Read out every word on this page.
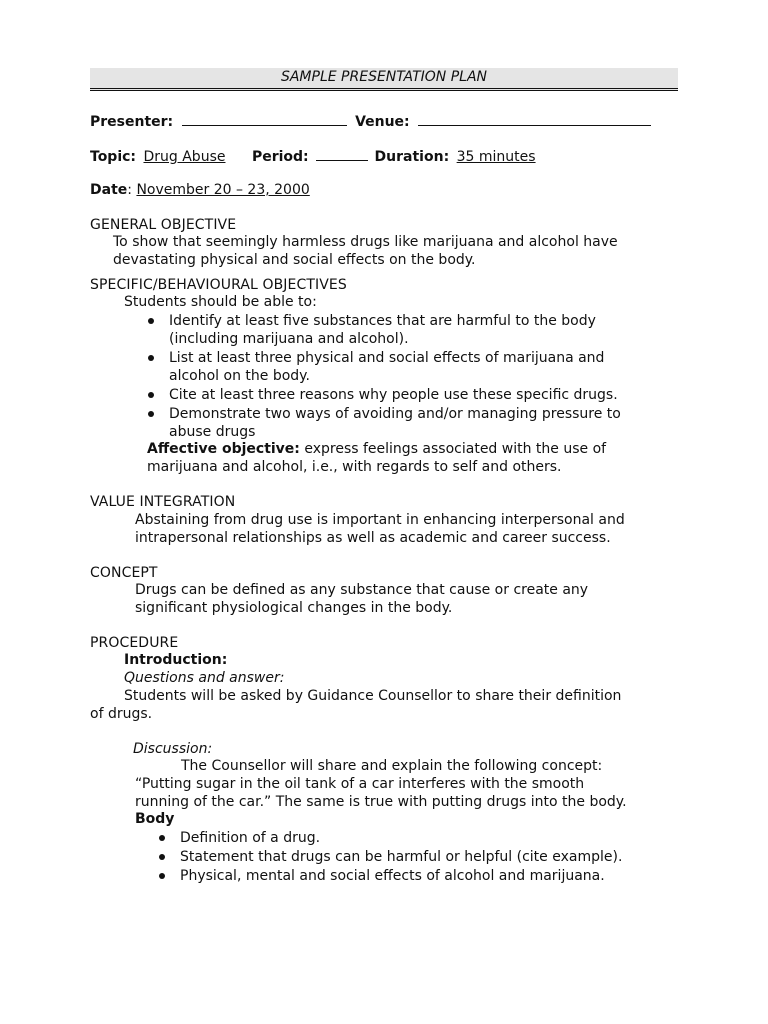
SAMPLE PRESENTATION PLAN
Presenter:	Venue:
Topic: Drug Abuse Period:	Duration: 35 minutes
Date: November 20 – 23, 2000
GENERAL OBJECTIVE
To show that seemingly harmless drugs like marijuana and alcohol have
devastating physical and social effects on the body.
SPECIFIC/BEHAVIOURAL OBJECTIVES
Students should be able to:
Identify at least five substances that are harmful to the body
(including marijuana and alcohol).
List at least three physical and social effects of marijuana and
alcohol on the body.
Cite at least three reasons why people use these specific drugs.
Demonstrate two ways of avoiding and/or managing pressure to
abuse drugs
Affective objective: express feelings associated with the use of
marijuana and alcohol, i.e., with regards to self and others.
VALUE INTEGRATION
Abstaining from drug use is important in enhancing interpersonal and
intrapersonal relationships as well as academic and career success.
CONCEPT
Drugs can be defined as any substance that cause or create any
significant physiological changes in the body.
PROCEDURE
Introduction:
Questions and answer:
Students will be asked by Guidance Counsellor to share their definition
of drugs.
Discussion:
The Counsellor will share and explain the following concept:
“Putting sugar in the oil tank of a car interferes with the smooth
running of the car.” The same is true with putting drugs into the body.
Body
Definition of a drug.
Statement that drugs can be harmful or helpful (cite example).
Physical, mental and social effects of alcohol and marijuana.
